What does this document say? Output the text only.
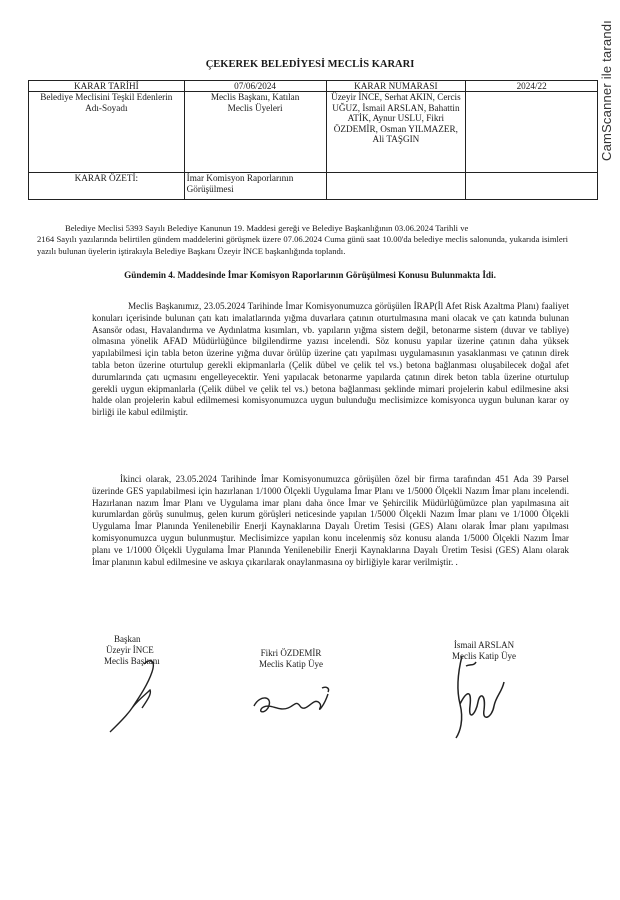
CamScanner ile tarandı
ÇEKEREK BELEDİYESİ MECLİS KARARI
KARAR TARİHİ	07/06/2024	KARAR NUMARASI	2024/22
Belediye Meclisini Teşkil Edenlerin Adı-Soyadı	Meclis Başkanı, Katılan Meclis Üyeleri	Üzeyir İNCE, Serhat AKIN, Cercis UĞUZ, İsmail ARSLAN, Bahattin ATİK, Aynur USLU, Fikri ÖZDEMİR, Osman YILMAZER, Ali TAŞGIN	
KARAR ÖZETİ:	İmar Komisyon Raporlarının Görüşülmesi		
Belediye Meclisi 5393 Sayılı Belediye Kanunun 19. Maddesi gereği ve Belediye Başkanlığının 03.06.2024 Tarihli ve
2164 Sayılı yazılarında belirtilen gündem maddelerini görüşmek üzere 07.06.2024 Cuma günü saat 10.00'da belediye meclis salonunda, yukarıda isimleri yazılı bulunan üyelerin iştirakıyla Belediye Başkanı Üzeyir İNCE başkanlığında toplandı.
Gündemin 4. Maddesinde İmar Komisyon Raporlarının Görüşülmesi Konusu Bulunmakta İdi.
Meclis Başkanımız, 23.05.2024 Tarihinde İmar Komisyonumuzca görüşülen İRAP(İl Afet Risk Azaltma Planı) faaliyet konuları içerisinde bulunan çatı katı imalatlarında yığma duvarlara çatının oturtulmasına mani olacak ve çatı katında bulunan Asansör odası, Havalandırma ve Aydınlatma kısımları, vb. yapıların yığma sistem değil, betonarme sistem (duvar ve tabliye) olmasına yönelik AFAD Müdürlüğünce bilgilendirme yazısı incelendi. Söz konusu yapılar üzerine çatının daha yüksek yapılabilmesi için tabla beton üzerine yığma duvar örülüp üzerine çatı yapılması uygulamasının yasaklanması ve çatının direk tabla beton üzerine oturtulup gerekli ekipmanlarla (Çelik dübel ve çelik tel vs.) betona bağlanması oluşabilecek doğal afet durumlarında çatı uçmasını engelleyecektir. Yeni yapılacak betonarme yapılarda çatının direk beton tabla üzerine oturtulup gerekli uygun ekipmanlarla (Çelik dübel ve çelik tel vs.) betona bağlanması şeklinde mimari projelerin kabul edilmesine aksi halde olan projelerin kabul edilmemesi komisyonumuzca uygun bulunduğu meclisimizce komisyonca uygun bulunan karar oy birliği ile kabul edilmiştir.
İkinci olarak, 23.05.2024 Tarihinde İmar Komisyonumuzca görüşülen özel bir firma tarafından 451 Ada 39 Parsel üzerinde GES yapılabilmesi için hazırlanan 1/1000 Ölçekli Uygulama İmar Planı ve 1/5000 Ölçekli Nazım İmar planı incelendi. Hazırlanan nazım İmar Planı ve Uygulama imar planı daha önce İmar ve Şehircilik Müdürlüğümüzce plan yapılmasına ait kurumlardan görüş sunulmuş, gelen kurum görüşleri neticesinde yapılan 1/5000 Ölçekli Nazım İmar planı ve 1/1000 Ölçekli Uygulama İmar Planında Yenilenebilir Enerji Kaynaklarına Dayalı Üretim Tesisi (GES) Alanı olarak İmar planı yapılması komisyonumuzca uygun bulunmuştur. Meclisimizce yapılan konu incelenmiş söz konusu alanda 1/5000 Ölçekli Nazım İmar planı ve 1/1000 Ölçekli Uygulama İmar Planında Yenilenebilir Enerji Kaynaklarına Dayalı Üretim Tesisi (GES) Alanı olarak İmar planının kabul edilmesine ve askıya çıkarılarak onaylanmasına oy birliğiyle karar verilmiştir. .
Başkan
Üzeyir İNCE
Meclis Başkanı
Fikri ÖZDEMİR
Meclis Katip Üye
İsmail ARSLAN
Meclis Katip Üye
